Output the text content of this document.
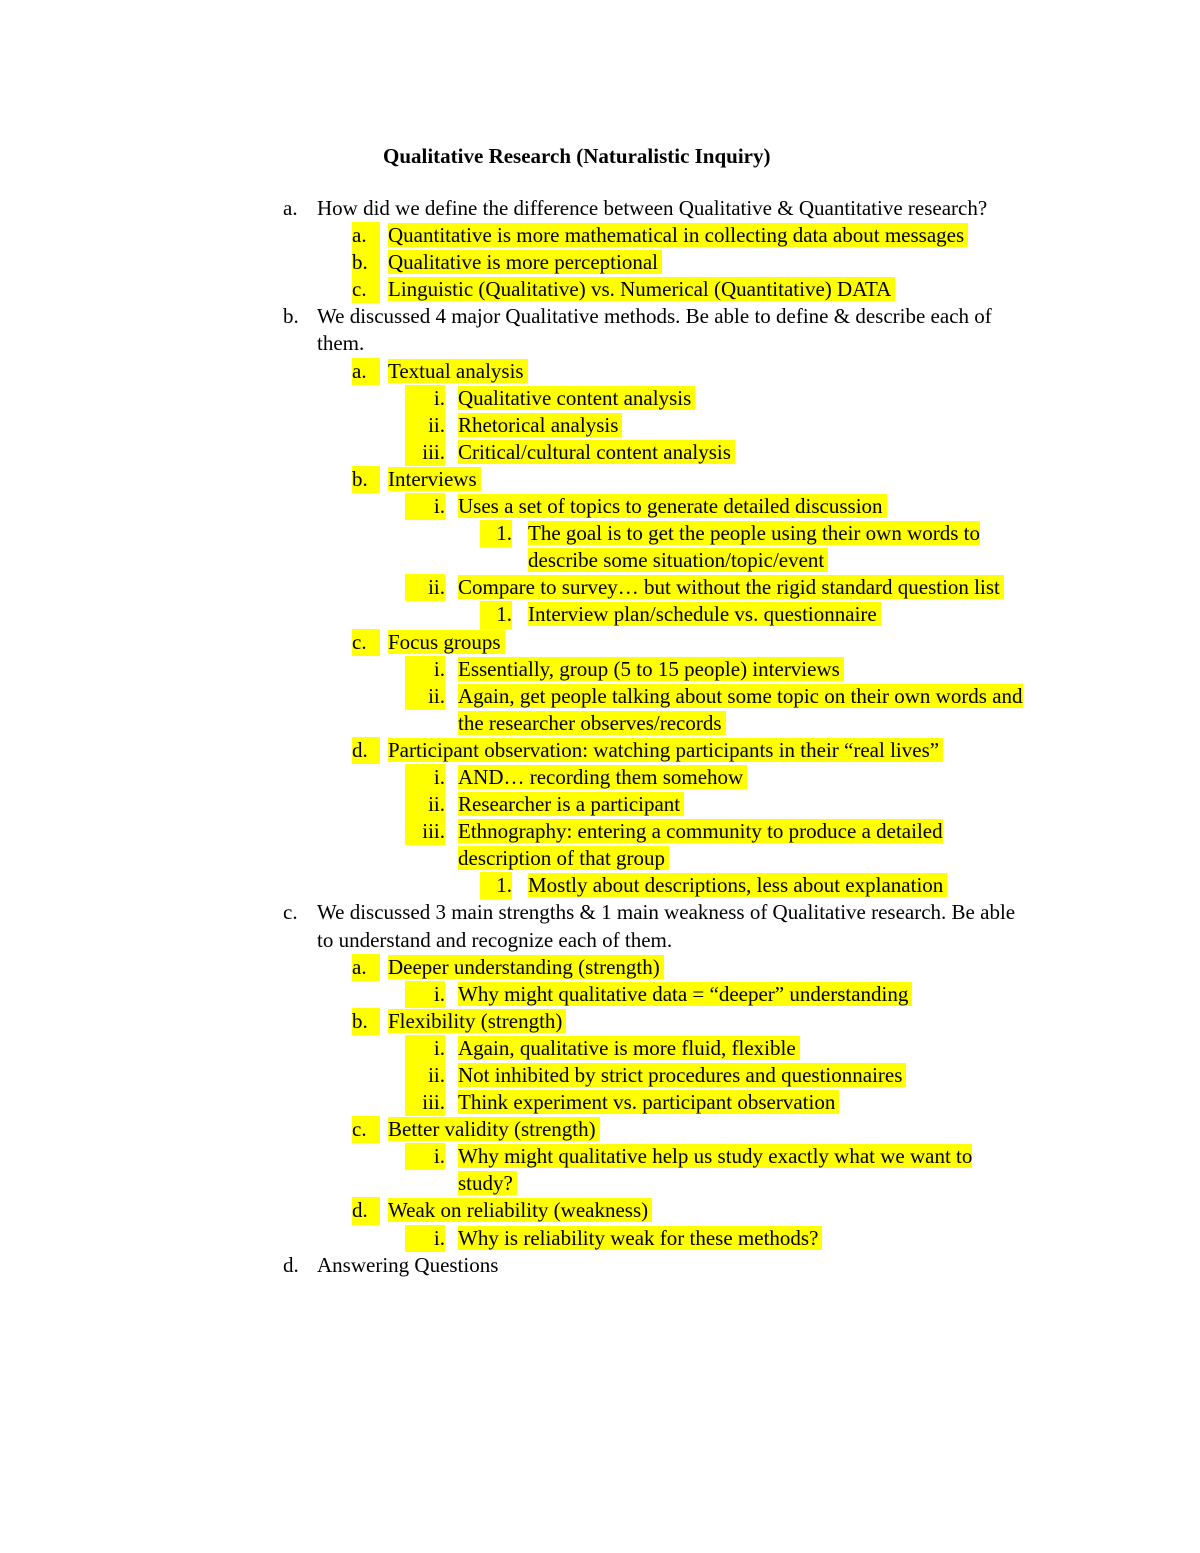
Qualitative Research (Naturalistic Inquiry)
a. How did we define the difference between Qualitative & Quantitative research?
a.	Quantitative is more mathematical in collecting data about messages
b. Qualitative is more perceptional
c.	Linguistic (Qualitative) vs. Numerical (Quantitative) DATA
b. We discussed 4 major Qualitative methods. Be able to define & describe each of them.
a.	Textual analysis
i. Qualitative content analysis
ii. Rhetorical analysis
iii. Critical/cultural content analysis
b. Interviews
i. Uses a set of topics to generate detailed discussion
1. The goal is to get the people using their own words to describe some situation/topic/event
ii. Compare to survey… but without the rigid standard question list
1. Interview plan/schedule vs. questionnaire
c.	Focus groups
i. Essentially, group (5 to 15 people) interviews
ii. Again, get people talking about some topic on their own words and the researcher observes/records
d. Participant observation: watching participants in their “real lives”
i. AND… recording them somehow
ii. Researcher is a participant
iii. Ethnography: entering a community to produce a detailed description of that group
1. Mostly about descriptions, less about explanation
c. We discussed 3 main strengths & 1 main weakness of Qualitative research. Be able to understand and recognize each of them.
a.	Deeper understanding (strength)
i. Why might qualitative data = “deeper” understanding
b. Flexibility (strength)
i. Again, qualitative is more fluid, flexible
ii. Not inhibited by strict procedures and questionnaires
iii. Think experiment vs. participant observation
c.	Better validity (strength)
i. Why might qualitative help us study exactly what we want to study?
d. Weak on reliability (weakness)
i. Why is reliability weak for these methods?
d. Answering Questions
